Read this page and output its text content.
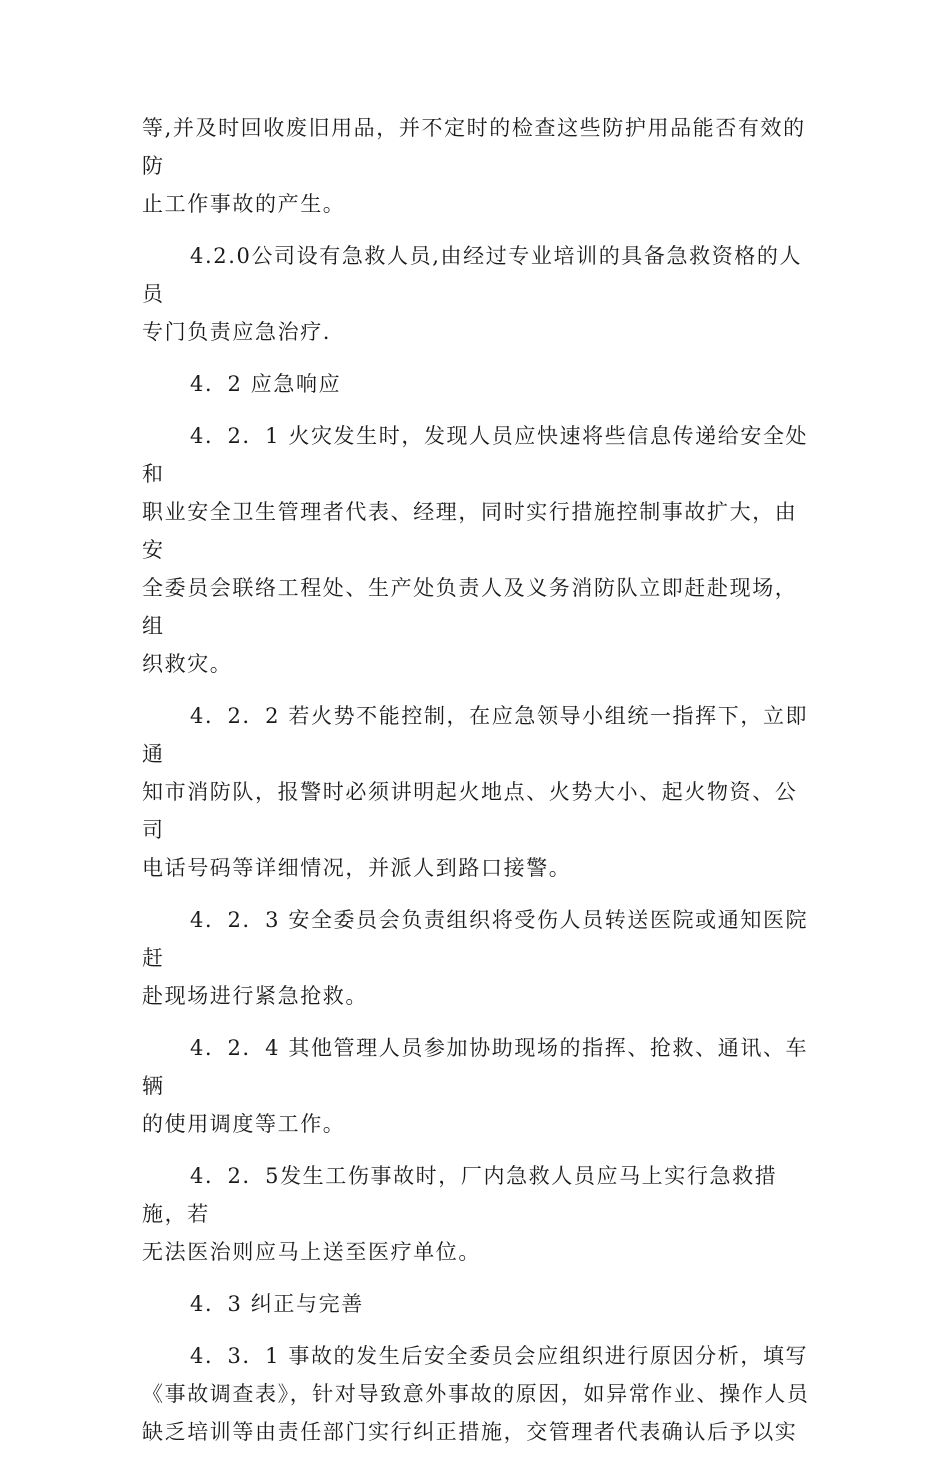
等,并及时回收废旧用品，并不定时的检查这些防护用品能否有效的防
止工作事故的产生。

4.2.0公司设有急救人员,由经过专业培训的具备急救资格的人员
专门负责应急治疗.

4．2 应急响应

4．2．1 火灾发生时，发现人员应快速将些信息传递给安全处和
职业安全卫生管理者代表、经理，同时实行措施控制事故扩大，由安
全委员会联络工程处、生产处负责人及义务消防队立即赶赴现场，组
织救灾。

4．2．2 若火势不能控制，在应急领导小组统一指挥下，立即通
知市消防队，报警时必须讲明起火地点、火势大小、起火物资、公司
电话号码等详细情况，并派人到路口接警。

4．2．3 安全委员会负责组织将受伤人员转送医院或通知医院赶
赴现场进行紧急抢救。

4．2．4 其他管理人员参加协助现场的指挥、抢救、通讯、车辆
的使用调度等工作。

4．2．5发生工伤事故时，厂内急救人员应马上实行急救措施，若
无法医治则应马上送至医疗单位。

4．3 纠正与完善

4．3．1 事故的发生后安全委员会应组织进行原因分析，填写
《事故调查表》，针对导致意外事故的原因，如异常作业、操作人员
缺乏培训等由责任部门实行纠正措施，交管理者代表确认后予以实
